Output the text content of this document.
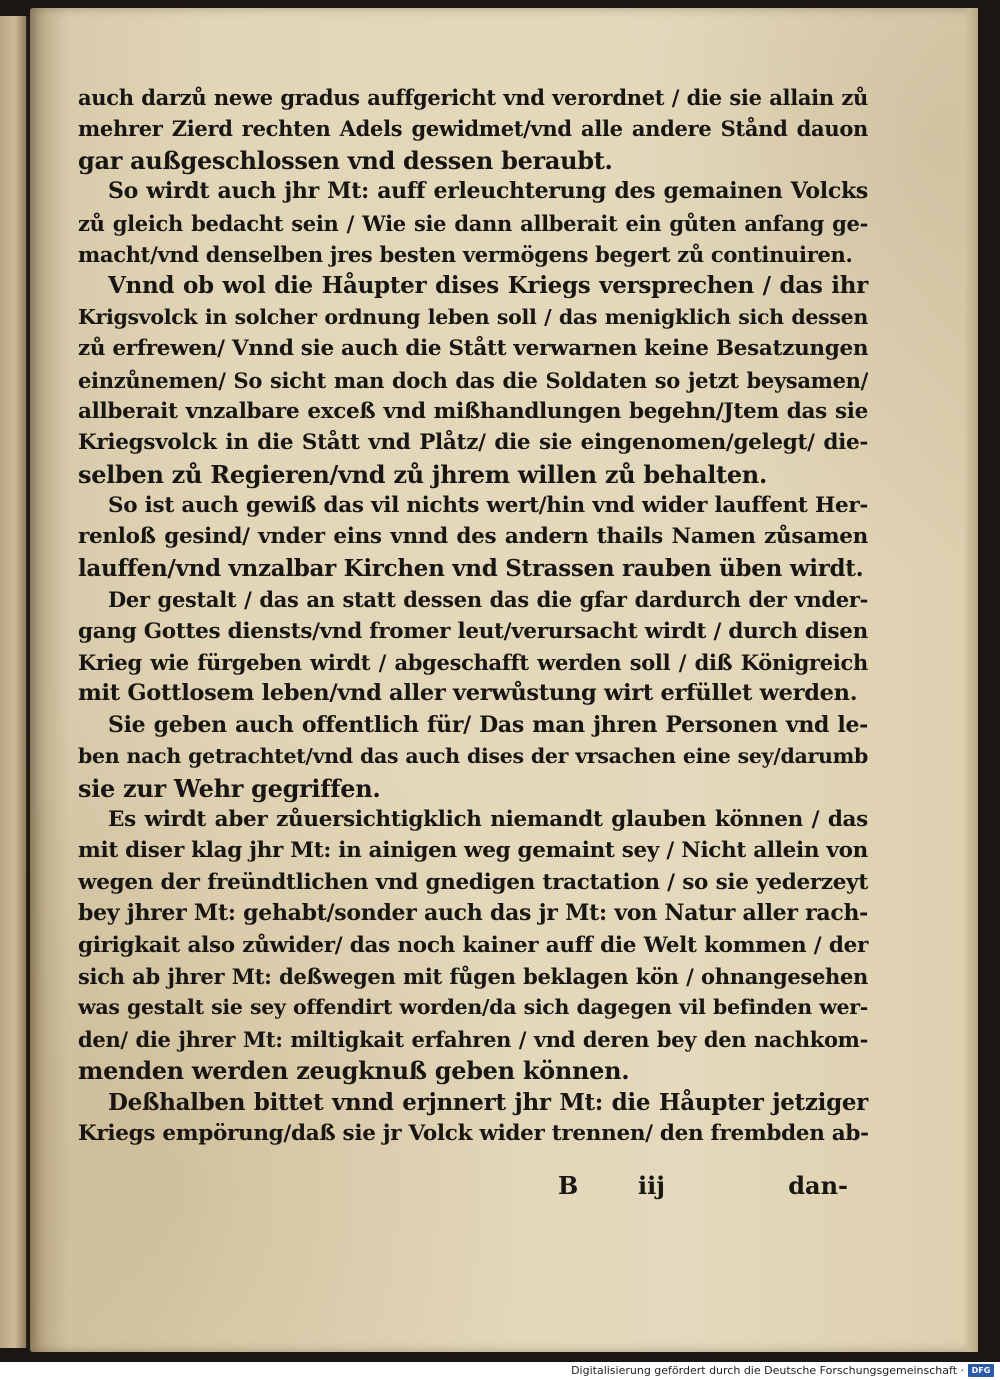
auch darzů newe gradus auffgericht vnd verordnet / die sie allain zů
mehrer Zierd rechten Adels gewidmet/vnd alle andere Stånd dauon
gar außgeschlossen vnd dessen beraubt.
So wirdt auch jhr Mt: auff erleuchterung des gemainen Volcks
zů gleich bedacht sein / Wie sie dann allberait ein gůten anfang ge-
macht/vnd denselben jres besten vermögens begert zů continuiren.
Vnnd ob wol die Håupter dises Kriegs versprechen / das ihr
Krigsvolck in solcher ordnung leben soll / das menigklich sich dessen
zů erfrewen/ Vnnd sie auch die Stått verwarnen keine Besatzungen
einzůnemen/ So sicht man doch das die Soldaten so jetzt beysamen/
allberait vnzalbare exceß vnd mißhandlungen begehn/Jtem das sie
Kriegsvolck in die Stått vnd Plåtz/ die sie eingenomen/gelegt/ die-
selben zů Regieren/vnd zů jhrem willen zů behalten.
So ist auch gewiß das vil nichts wert/hin vnd wider lauffent Her-
renloß gesind/ vnder eins vnnd des andern thails Namen zůsamen
lauffen/vnd vnzalbar Kirchen vnd Strassen rauben üben wirdt.
Der gestalt / das an statt dessen das die gfar dardurch der vnder-
gang Gottes diensts/vnd fromer leut/verursacht wirdt / durch disen
Krieg wie fürgeben wirdt / abgeschafft werden soll / diß Königreich
mit Gottlosem leben/vnd aller verwůstung wirt erfüllet werden.
Sie geben auch offentlich für/ Das man jhren Personen vnd le-
ben nach getrachtet/vnd das auch dises der vrsachen eine sey/darumb
sie zur Wehr gegriffen.
Es wirdt aber zůuersichtigklich niemandt glauben können / das
mit diser klag jhr Mt: in ainigen weg gemaint sey / Nicht allein von
wegen der freündtlichen vnd gnedigen tractation / so sie yederzeyt
bey jhrer Mt: gehabt/sonder auch das jr Mt: von Natur aller rach-
girigkait also zůwider/ das noch kainer auff die Welt kommen / der
sich ab jhrer Mt: deßwegen mit fůgen beklagen kön / ohnangesehen
was gestalt sie sey offendirt worden/da sich dagegen vil befinden wer-
den/ die jhrer Mt: miltigkait erfahren / vnd deren bey den nachkom-
menden werden zeugknuß geben können.
Deßhalben bittet vnnd erjnnert jhr Mt: die Håupter jetziger
Kriegs empörung/daß sie jr Volck wider trennen/ den frembden ab-
B iij	dan-
Digitalisierung gefördert durch die Deutsche Forschungsgemeinschaft · DFG
